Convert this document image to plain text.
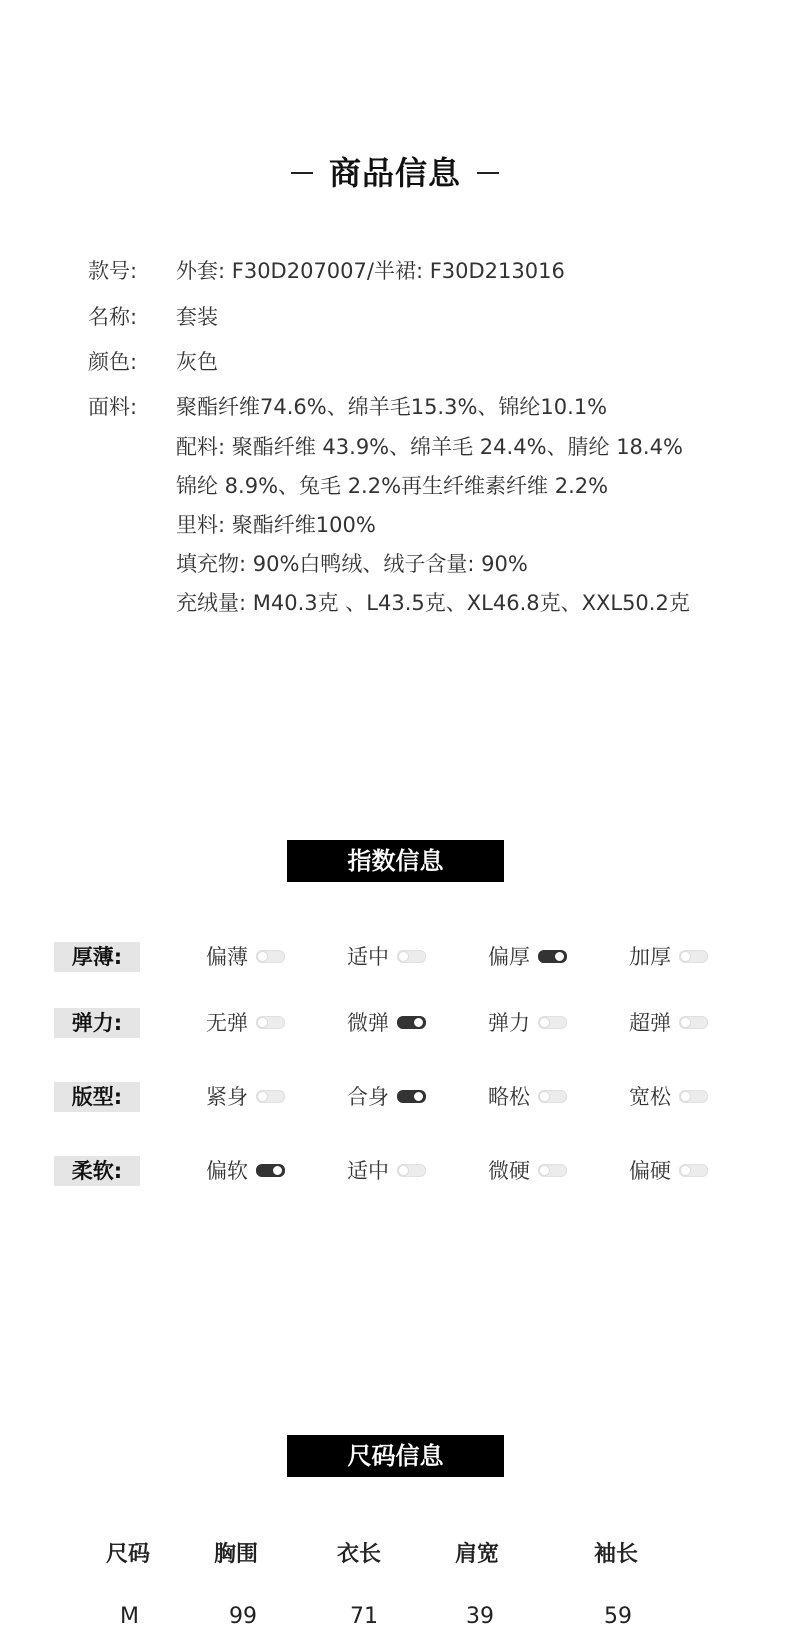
商品信息
款号:	外套: F30D207007/半裙: F30D213016
名称:	套装
颜色:	灰色
面料:	聚酯纤维74.6%、绵羊毛15.3%、锦纶10.1%
配料: 聚酯纤维 43.9%、绵羊毛 24.4%、腈纶 18.4%
锦纶 8.9%、兔毛 2.2%再生纤维素纤维 2.2%
里料: 聚酯纤维100%
填充物: 90%白鸭绒、绒子含量: 90%
充绒量: M40.3克 、L43.5克、XL46.8克、XXL50.2克
指数信息
厚薄:	偏薄	适中	偏厚	加厚
弹力:	无弹	微弹	弹力	超弹
版型:	紧身	合身	略松	宽松
柔软:	偏软	适中	微硬	偏硬
尺码信息
尺码	胸围	衣长	肩宽	袖长
M	99	71	39	59
